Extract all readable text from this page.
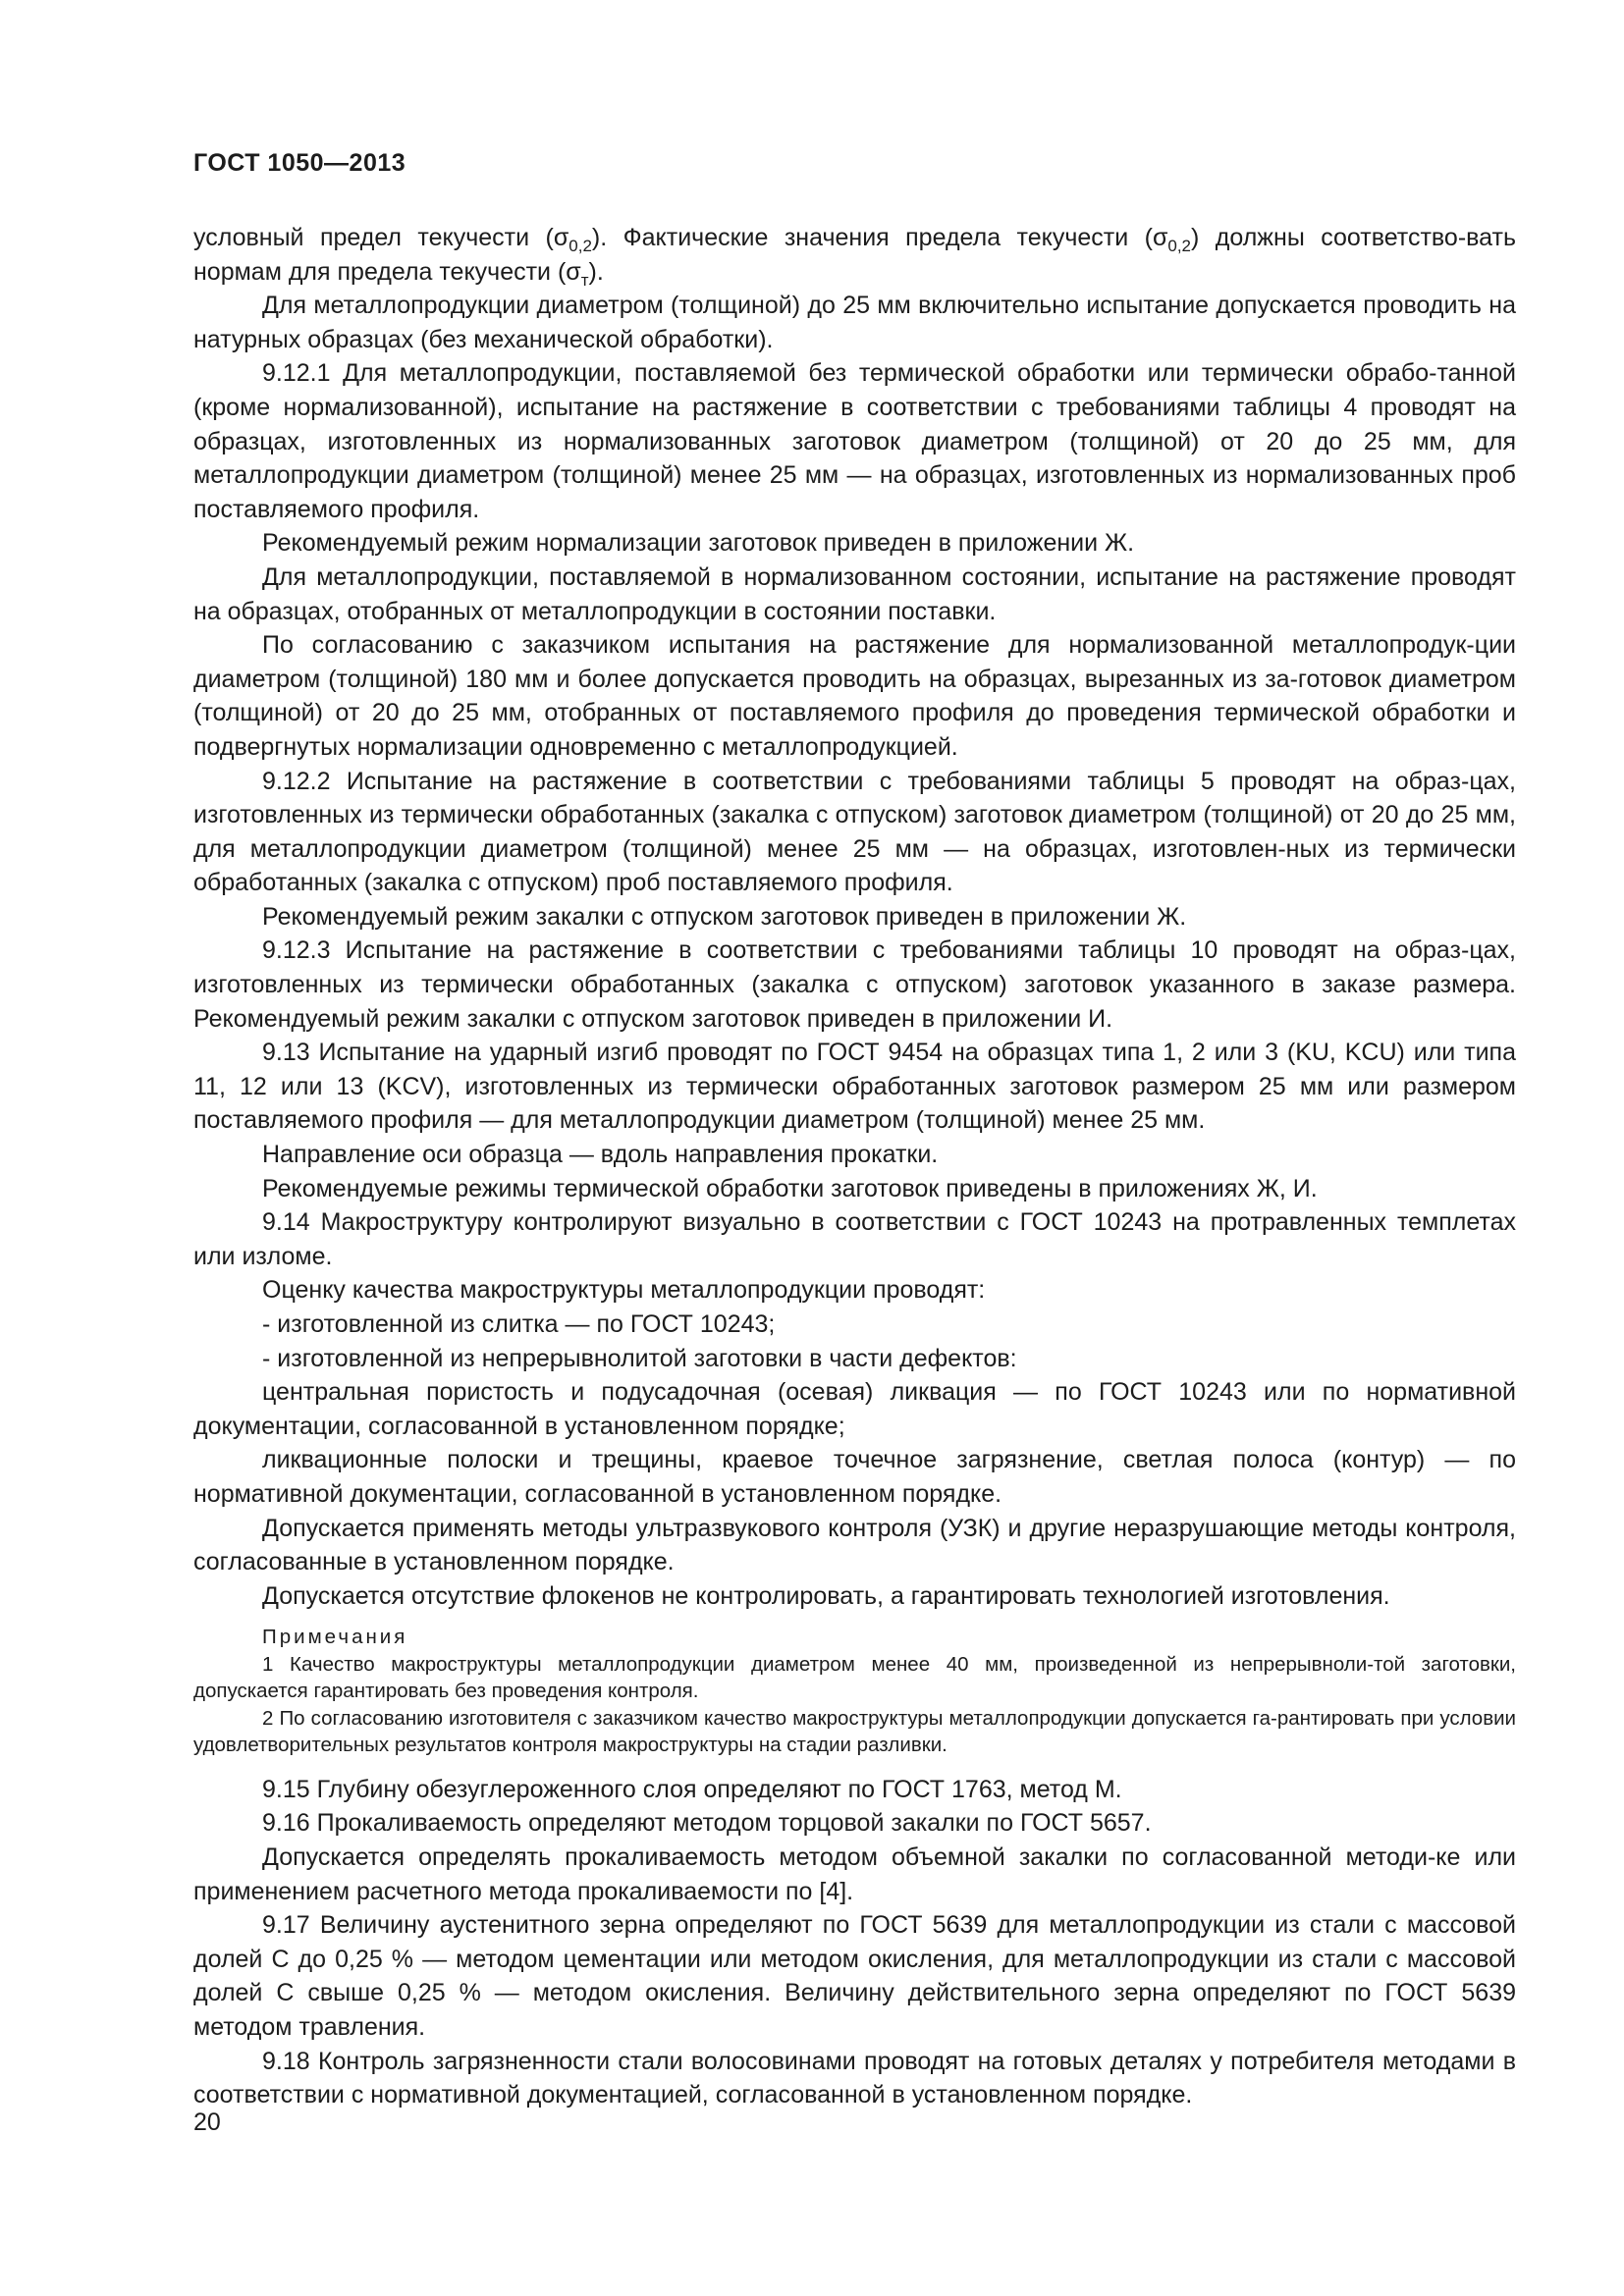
ГОСТ 1050—2013

условный предел текучести $(\sigma_{0,2})$. Фактические значения предела текучести $(\sigma_{0,2})$ должны соответство-вать нормам для предела текучести $(\sigma_т)$.

Для металлопродукции диаметром (толщиной) до 25 мм включительно испытание допускается проводить на натурных образцах (без механической обработки).

9.12.1 Для металлопродукции, поставляемой без термической обработки или термически обрабо-танной (кроме нормализованной), испытание на растяжение в соответствии с требованиями таблицы 4 проводят на образцах, изготовленных из нормализованных заготовок диаметром (толщиной) от 20 до 25 мм, для металлопродукции диаметром (толщиной) менее 25 мм — на образцах, изготовленных из нормализованных проб поставляемого профиля.

Рекомендуемый режим нормализации заготовок приведен в приложении Ж.

Для металлопродукции, поставляемой в нормализованном состоянии, испытание на растяжение проводят на образцах, отобранных от металлопродукции в состоянии поставки.

По согласованию с заказчиком испытания на растяжение для нормализованной металлопродук-ции диаметром (толщиной) 180 мм и более допускается проводить на образцах, вырезанных из за-готовок диаметром (толщиной) от 20 до 25 мм, отобранных от поставляемого профиля до проведения термической обработки и подвергнутых нормализации одновременно с металлопродукцией.

9.12.2 Испытание на растяжение в соответствии с требованиями таблицы 5 проводят на образ-цах, изготовленных из термически обработанных (закалка с отпуском) заготовок диаметром (толщиной) от 20 до 25 мм, для металлопродукции диаметром (толщиной) менее 25 мм — на образцах, изготовлен-ных из термически обработанных (закалка с отпуском) проб поставляемого профиля.

Рекомендуемый режим закалки с отпуском заготовок приведен в приложении Ж.

9.12.3 Испытание на растяжение в соответствии с требованиями таблицы 10 проводят на образ-цах, изготовленных из термически обработанных (закалка с отпуском) заготовок указанного в заказе размера. Рекомендуемый режим закалки с отпуском заготовок приведен в приложении И.

9.13 Испытание на ударный изгиб проводят по ГОСТ 9454 на образцах типа 1, 2 или 3 (KU, KCU) или типа 11, 12 или 13 (KCV), изготовленных из термически обработанных заготовок размером 25 мм или размером поставляемого профиля — для металлопродукции диаметром (толщиной) менее 25 мм.

Направление оси образца — вдоль направления прокатки.

Рекомендуемые режимы термической обработки заготовок приведены в приложениях Ж, И.

9.14 Макроструктуру контролируют визуально в соответствии с ГОСТ 10243 на протравленных темплетах или изломе.

Оценку качества макроструктуры металлопродукции проводят:

- изготовленной из слитка — по ГОСТ 10243;

- изготовленной из непрерывнолитой заготовки в части дефектов:

центральная пористость и подусадочная (осевая) ликвация — по ГОСТ 10243 или по нормативной документации, согласованной в установленном порядке;

ликвационные полоски и трещины, краевое точечное загрязнение, светлая полоса (контур) — по нормативной документации, согласованной в установленном порядке.

Допускается применять методы ультразвукового контроля (УЗК) и другие неразрушающие методы контроля, согласованные в установленном порядке.

Допускается отсутствие флокенов не контролировать, а гарантировать технологией изготовления.

Примечания

1 Качество макроструктуры металлопродукции диаметром менее 40 мм, произведенной из непрерывноли-той заготовки, допускается гарантировать без проведения контроля.

2 По согласованию изготовителя с заказчиком качество макроструктуры металлопродукции допускается га-рантировать при условии удовлетворительных результатов контроля макроструктуры на стадии разливки.

9.15 Глубину обезуглероженного слоя определяют по ГОСТ 1763, метод М.

9.16 Прокаливаемость определяют методом торцовой закалки по ГОСТ 5657.

Допускается определять прокаливаемость методом объемной закалки по согласованной методи-ке или применением расчетного метода прокаливаемости по [4].

9.17 Величину аустенитного зерна определяют по ГОСТ 5639 для металлопродукции из стали с массовой долей С до 0,25 % — методом цементации или методом окисления, для металлопродукции из стали с массовой долей С свыше 0,25 % — методом окисления. Величину действительного зерна определяют по ГОСТ 5639 методом травления.

9.18 Контроль загрязненности стали волосовинами проводят на готовых деталях у потребителя методами в соответствии с нормативной документацией, согласованной в установленном порядке.

20
